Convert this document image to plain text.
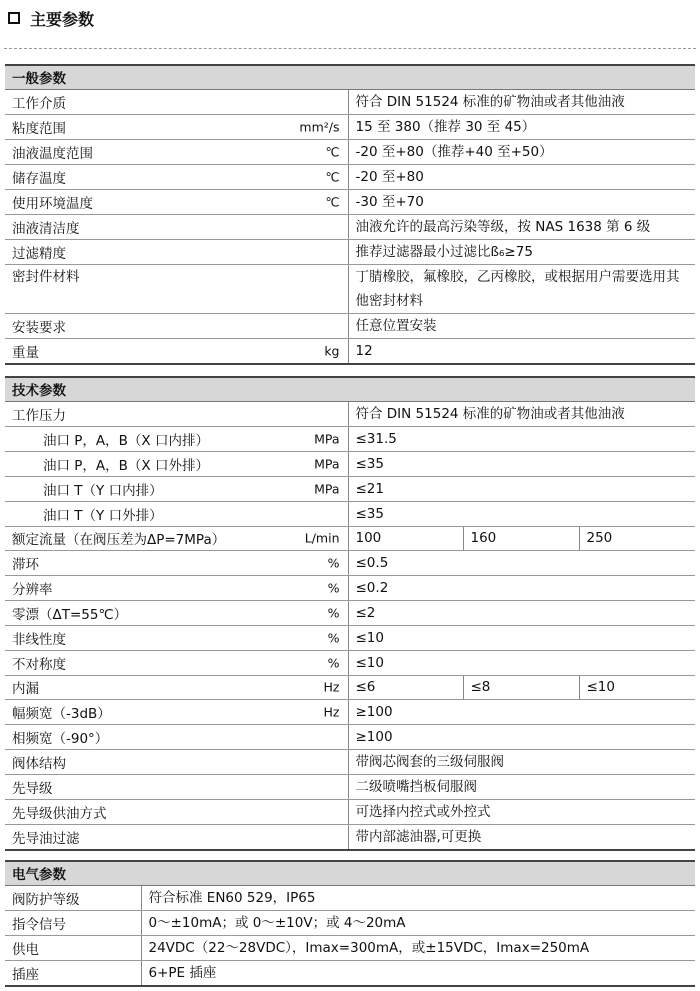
主要参数
一般参数	
工作介质	符合 DIN 51524 标准的矿物油或者其他油液
粘度范围 mm²/s	15 至 380（推荐 30 至 45）
油液温度范围 ℃	-20 至+80（推荐+40 至+50）
储存温度 ℃	-20 至+80
使用环境温度 ℃	-30 至+70
油液清洁度	油液允许的最高污染等级，按 NAS 1638 第 6 级
过滤精度	推荐过滤器最小过滤比ß₆≥75
密封件材料	丁腈橡胶，氟橡胶，乙丙橡胶，或根据用户需要选用其他密封材料
安装要求	任意位置安装
重量 kg	12
技术参数			
工作压力	符合 DIN 51524 标准的矿物油或者其他油液		
油口 P，A，B（X 口内排） MPa	≤31.5		
油口 P，A，B（X 口外排） MPa	≤35		
油口 T（Y 口内排） MPa	≤21		
油口 T（Y 口外排）	≤35		
额定流量（在阀压差为ΔP=7MPa） L/min	100	160	250
滞环 %	≤0.5		
分辨率 %	≤0.2		
零漂（ΔT=55℃） %	≤2		
非线性度 %	≤10		
不对称度 %	≤10		
内漏 Hz	≤6	≤8	≤10
幅频宽（-3dB） Hz	≥100		
相频宽（-90°）	≥100		
阀体结构	带阀芯阀套的三级伺服阀		
先导级	二级喷嘴挡板伺服阀		
先导级供油方式	可选择内控式或外控式		
先导油过滤	带内部滤油器,可更换		
电气参数	
阀防护等级	符合标准 EN60 529，IP65
指令信号	0～±10mA；或 0～±10V；或 4～20mA
供电	24VDC（22～28VDC），Imax=300mA，或±15VDC，Imax=250mA
插座	6+PE 插座
